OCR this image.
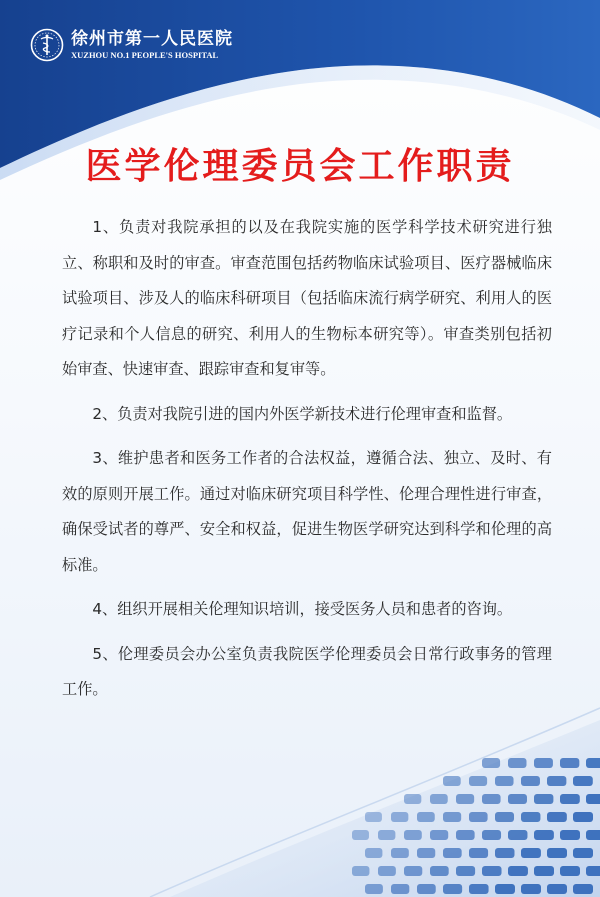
徐州市第一人民医院
XUZHOU NO.1 PEOPLE'S HOSPITAL
医学伦理委员会工作职责

1、负责对我院承担的以及在我院实施的医学科学技术研究进行独立、称职和及时的审查。审查范围包括药物临床试验项目、医疗器械临床试验项目、涉及人的临床科研项目（包括临床流行病学研究、利用人的医疗记录和个人信息的研究、利用人的生物标本研究等）。审查类别包括初始审查、快速审查、跟踪审查和复审等。

2、负责对我院引进的国内外医学新技术进行伦理审查和监督。

3、维护患者和医务工作者的合法权益，遵循合法、独立、及时、有效的原则开展工作。通过对临床研究项目科学性、伦理合理性进行审查，确保受试者的尊严、安全和权益，促进生物医学研究达到科学和伦理的高标准。

4、组织开展相关伦理知识培训，接受医务人员和患者的咨询。

5、伦理委员会办公室负责我院医学伦理委员会日常行政事务的管理工作。
